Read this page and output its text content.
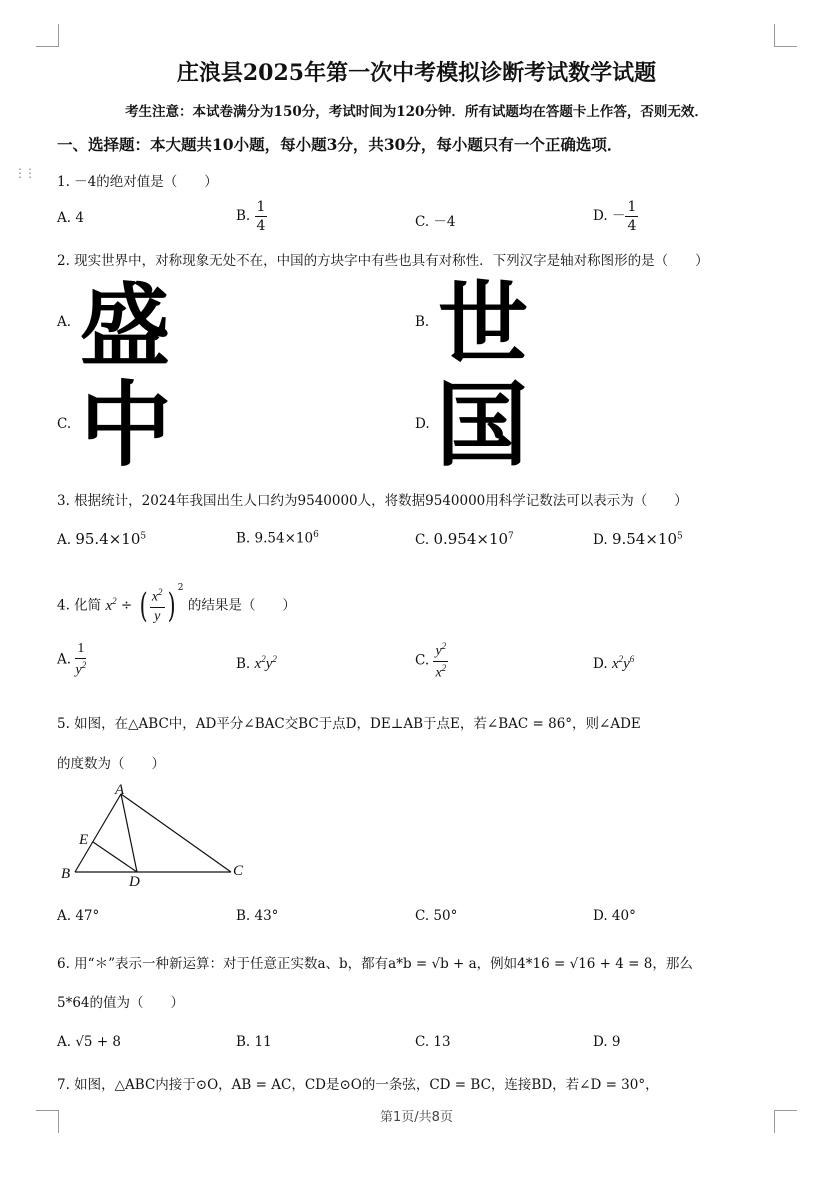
⋮⋮
庄浪县2025年第一次中考模拟诊断考试数学试题
考生注意：本试卷满分为150分，考试时间为120分钟．所有试题均在答题卡上作答，否则无效．
一、选择题：本大题共10小题，每小题3分，共30分，每小题只有一个正确选项．
1. －4的绝对值是（　　）
A. 4	B. $\frac{1}{4}$	C. －4	D. － $\frac{1}{4}$
2. 现实世界中，对称现象无处不在，中国的方块字中有些也具有对称性．下列汉字是轴对称图形的是（　　）
A. 盛	B. 世
C. 中	D. 国
3. 根据统计，2024年我国出生人口约为9540000人，将数据9540000用科学记数法可以表示为（　　）
A. $95.4\times 10^5$	B. $9.54\times 10^6$	C. $0.954\times 10^7$	D. $9.54\times 10^5$
4. 化简 $x^2$ ÷ ( $\frac{x^2}{y}$ ) $^2$ 的结果是（　　）
A. $\frac{1}{y^2}$	B. $x^2y^2$	C. $\frac{y^2}{x^2}$	D. $x^2y^6$
5. 如图，在△ABC中，AD平分∠BAC交BC于点D，DE⊥AB于点E，若∠BAC = 86°，则∠ADE
的度数为（　　）
A
B	C
D
E
A. 47°	B. 43°	C. 50°	D. 40°
6. 用“＊”表示一种新运算：对于任意正实数a、b，都有a*b = √b + a，例如4*16 = √16 + 4 = 8，那么
5*64的值为（　　）
A. √5 + 8	B. 11	C. 13	D. 9
7. 如图，△ABC内接于⊙O，AB = AC，CD是⊙O的一条弦，CD = BC，连接BD，若∠D = 30°，
第1页/共8页
